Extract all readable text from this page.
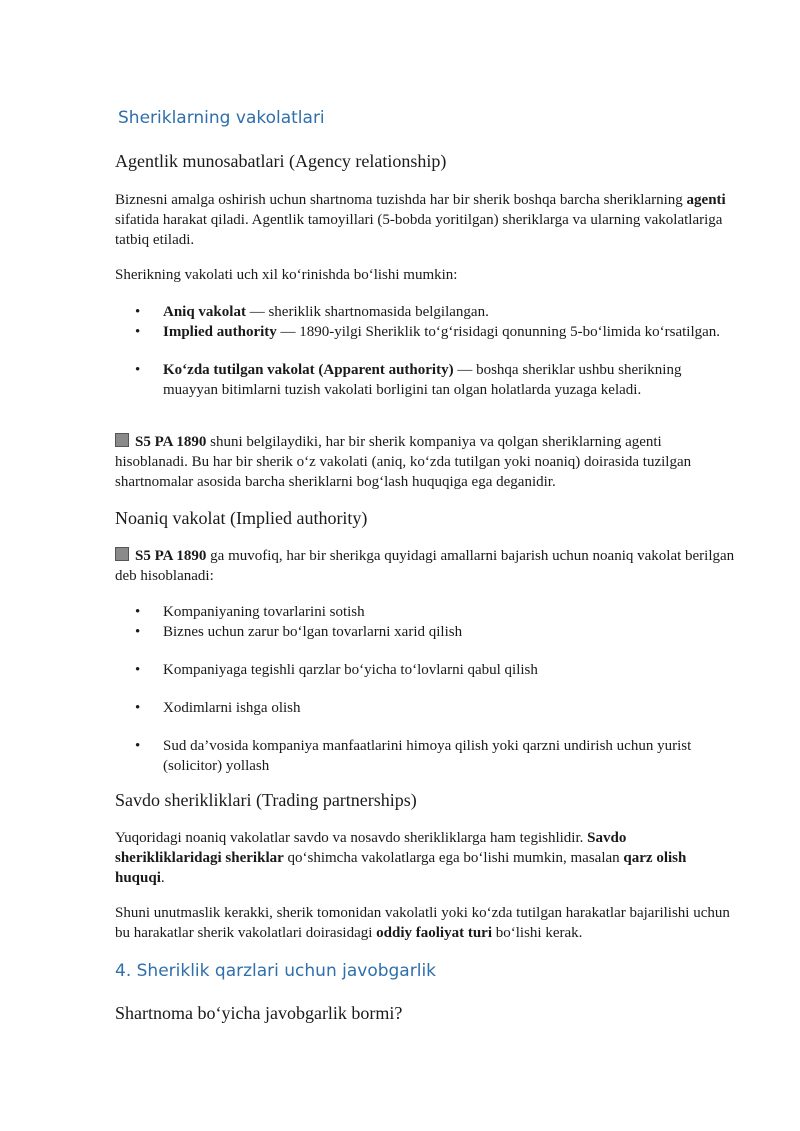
Sheriklarning vakolatlari
Agentlik munosabatlari (Agency relationship)

Biznesni amalga oshirish uchun shartnoma tuzishda har bir sherik boshqa barcha sheriklarning agenti sifatida harakat qiladi. Agentlik tamoyillari (5-bobda yoritilgan) sheriklarga va ularning vakolatlariga tatbiq etiladi.

Sherikning vakolati uch xil ko‘rinishda bo‘lishi mumkin:

• Aniq vakolat — sheriklik shartnomasida belgilangan.
• Implied authority — 1890-yilgi Sheriklik to‘g‘risidagi qonunning 5-bo‘limida ko‘rsatilgan.
• Ko‘zda tutilgan vakolat (Apparent authority) — boshqa sheriklar ushbu sherikning muayyan bitimlarni tuzish vakolati borligini tan olgan holatlarda yuzaga keladi.

S5 PA 1890 shuni belgilaydiki, har bir sherik kompaniya va qolgan sheriklarning agenti hisoblanadi. Bu har bir sherik o‘z vakolati (aniq, ko‘zda tutilgan yoki noaniq) doirasida tuzilgan shartnomalar asosida barcha sheriklarni bog‘lash huquqiga ega deganidir.

Noaniq vakolat (Implied authority)

S5 PA 1890 ga muvofiq, har bir sherikga quyidagi amallarni bajarish uchun noaniq vakolat berilgan deb hisoblanadi:

• Kompaniyaning tovarlarini sotish
• Biznes uchun zarur bo‘lgan tovarlarni xarid qilish
• Kompaniyaga tegishli qarzlar bo‘yicha to‘lovlarni qabul qilish
• Xodimlarni ishga olish
• Sud da’vosida kompaniya manfaatlarini himoya qilish yoki qarzni undirish uchun yurist (solicitor) yollash
Savdo sherikliklari (Trading partnerships)

Yuqoridagi noaniq vakolatlar savdo va nosavdo sherikliklarga ham tegishlidir. Savdo sherikliklaridagi sheriklar qo‘shimcha vakolatlarga ega bo‘lishi mumkin, masalan qarz olish huquqi.

Shuni unutmaslik kerakki, sherik tomonidan vakolatli yoki ko‘zda tutilgan harakatlar bajarilishi uchun bu harakatlar sherik vakolatlari doirasidagi oddiy faoliyat turi bo‘lishi kerak.

4. Sheriklik qarzlari uchun javobgarlik
Shartnoma bo‘yicha javobgarlik bormi?
